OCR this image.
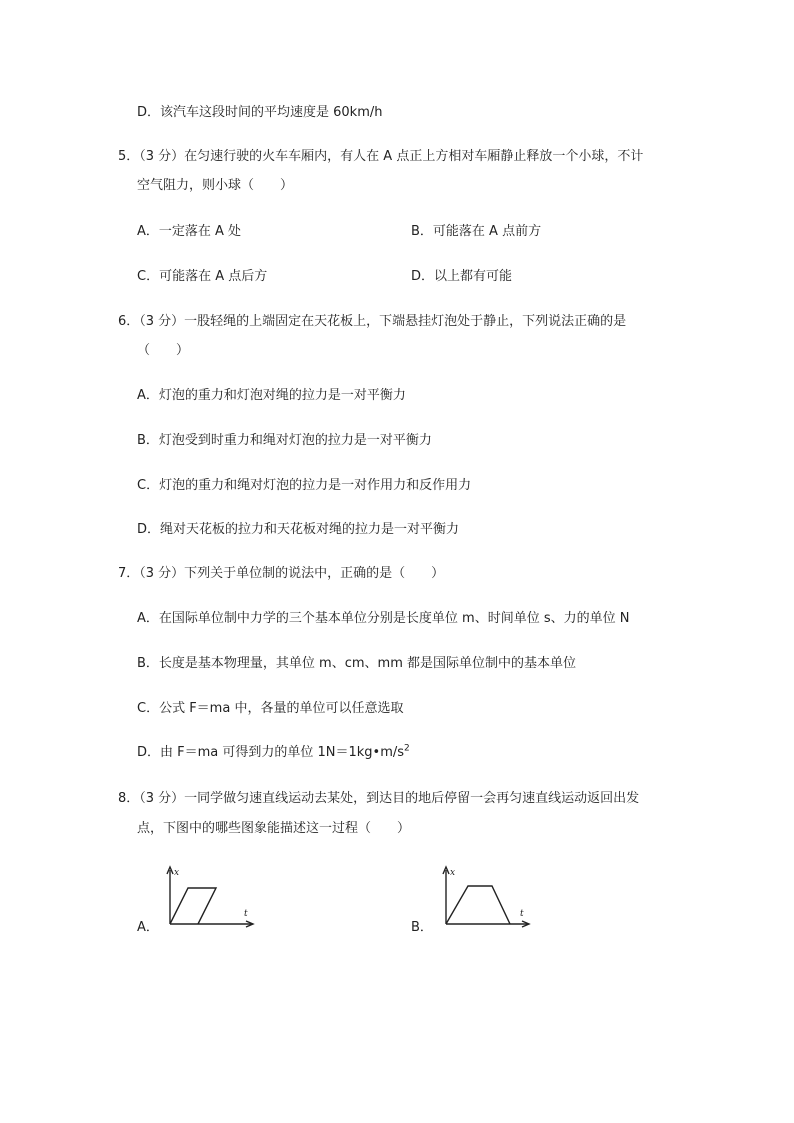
D．该汽车这段时间的平均速度是 60km/h
5．（3 分）在匀速行驶的火车车厢内，有人在 A 点正上方相对车厢静止释放一个小球，不计
空气阻力，则小球（　　）
A．一定落在 A 处	B．可能落在 A 点前方
C．可能落在 A 点后方	D．以上都有可能
6．（3 分）一股轻绳的上端固定在天花板上，下端悬挂灯泡处于静止，下列说法正确的是
（　　）
A．灯泡的重力和灯泡对绳的拉力是一对平衡力
B．灯泡受到时重力和绳对灯泡的拉力是一对平衡力
C．灯泡的重力和绳对灯泡的拉力是一对作用力和反作用力
D．绳对天花板的拉力和天花板对绳的拉力是一对平衡力
7．（3 分）下列关于单位制的说法中，正确的是（　　）
A．在国际单位制中力学的三个基本单位分别是长度单位 m、时间单位 s、力的单位 N
B．长度是基本物理量，其单位 m、cm、mm 都是国际单位制中的基本单位
C．公式 F＝ma 中，各量的单位可以任意选取
D．由 F＝ma 可得到力的单位 $1N=1kg•m/s^2$
8．（3 分）一同学做匀速直线运动去某处，到达目的地后停留一会再匀速直线运动返回出发
点，下图中的哪些图象能描述这一过程（　　）
A．
x
t
B．
x
t
